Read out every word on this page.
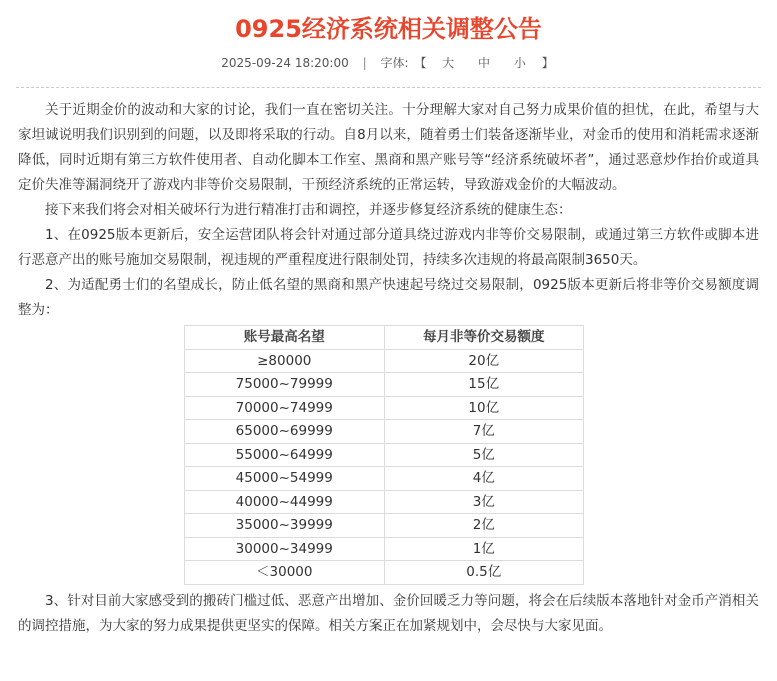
0925经济系统相关调整公告
2025-09-24 18:20:00 | 字体: 【 大 中 小 】

关于近期金价的波动和大家的讨论，我们一直在密切关注。十分理解大家对自己努力成果价值的担忧，在此，希望与大家坦诚说明我们识别到的问题，以及即将采取的行动。自8月以来，随着勇士们装备逐渐毕业，对金币的使用和消耗需求逐渐降低，同时近期有第三方软件使用者、自动化脚本工作室、黑商和黑产账号等“经济系统破坏者”，通过恶意炒作抬价或道具定价失准等漏洞绕开了游戏内非等价交易限制，干预经济系统的正常运转，导致游戏金价的大幅波动。

接下来我们将会对相关破坏行为进行精准打击和调控，并逐步修复经济系统的健康生态：

1、在0925版本更新后，安全运营团队将会针对通过部分道具绕过游戏内非等价交易限制，或通过第三方软件或脚本进行恶意产出的账号施加交易限制，视违规的严重程度进行限制处罚，持续多次违规的将最高限制3650天。

2、为适配勇士们的名望成长，防止低名望的黑商和黑产快速起号绕过交易限制，0925版本更新后将非等价交易额度调整为：

账号最高名望	每月非等价交易额度
≥80000	20亿
75000~79999	15亿
70000~74999	10亿
65000~69999	7亿
55000~64999	5亿
45000~54999	4亿
40000~44999	3亿
35000~39999	2亿
30000~34999	1亿
＜30000	0.5亿

3、针对目前大家感受到的搬砖门槛过低、恶意产出增加、金价回暖乏力等问题，将会在后续版本落地针对金币产消相关的调控措施，为大家的努力成果提供更坚实的保障。相关方案正在加紧规划中，会尽快与大家见面。
